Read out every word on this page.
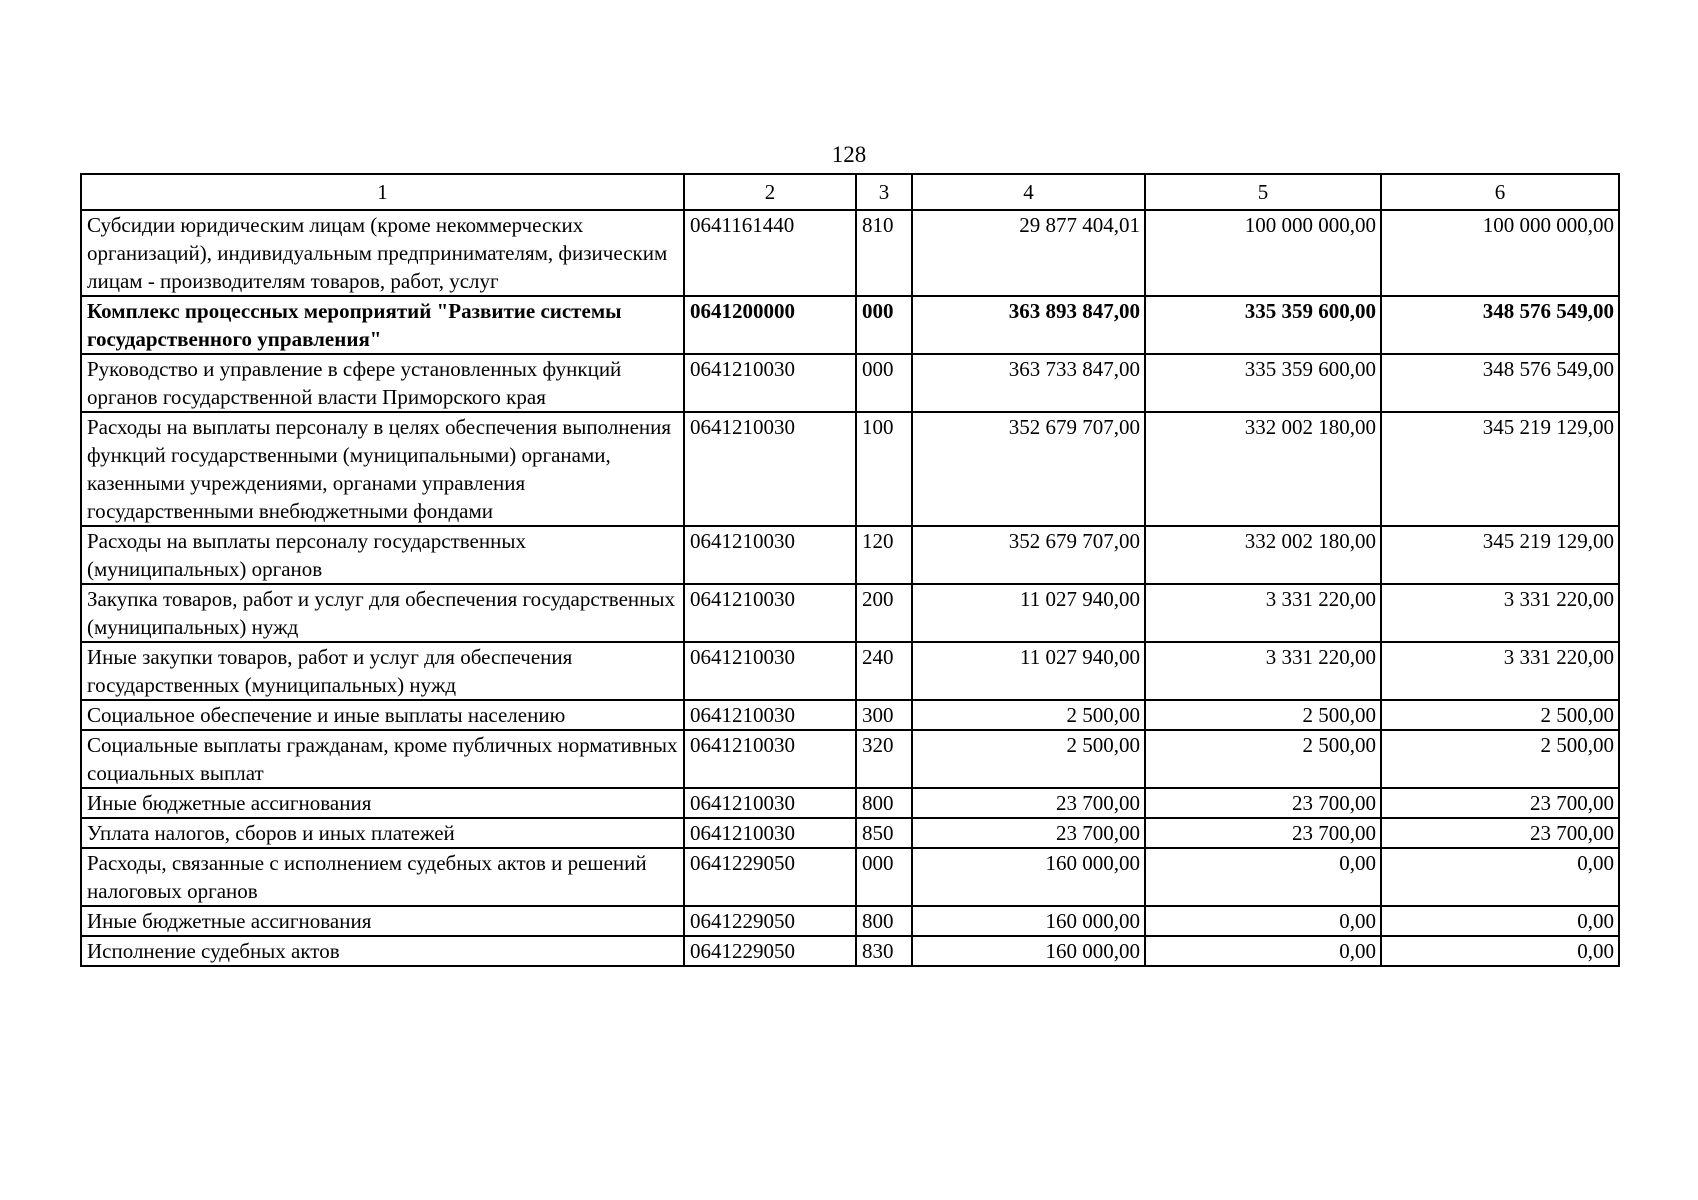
128
1	2	3	4	5	6
Субсидии юридическим лицам (кроме некоммерческих организаций), индивидуальным предпринимателям, физическим лицам - производителям товаров, работ, услуг	0641161440	810	29 877 404,01	100 000 000,00	100 000 000,00
Комплекс процессных мероприятий "Развитие системы государственного управления"	0641200000	000	363 893 847,00	335 359 600,00	348 576 549,00
Руководство и управление в сфере установленных функций органов государственной власти Приморского края	0641210030	000	363 733 847,00	335 359 600,00	348 576 549,00
Расходы на выплаты персоналу в целях обеспечения выполнения функций государственными (муниципальными) органами, казенными учреждениями, органами управления государственными внебюджетными фондами	0641210030	100	352 679 707,00	332 002 180,00	345 219 129,00
Расходы на выплаты персоналу государственных (муниципальных) органов	0641210030	120	352 679 707,00	332 002 180,00	345 219 129,00
Закупка товаров, работ и услуг для обеспечения государственных (муниципальных) нужд	0641210030	200	11 027 940,00	3 331 220,00	3 331 220,00
Иные закупки товаров, работ и услуг для обеспечения государственных (муниципальных) нужд	0641210030	240	11 027 940,00	3 331 220,00	3 331 220,00
Социальное обеспечение и иные выплаты населению	0641210030	300	2 500,00	2 500,00	2 500,00
Социальные выплаты гражданам, кроме публичных нормативных социальных выплат	0641210030	320	2 500,00	2 500,00	2 500,00
Иные бюджетные ассигнования	0641210030	800	23 700,00	23 700,00	23 700,00
Уплата налогов, сборов и иных платежей	0641210030	850	23 700,00	23 700,00	23 700,00
Расходы, связанные с исполнением судебных актов и решений налоговых органов	0641229050	000	160 000,00	0,00	0,00
Иные бюджетные ассигнования	0641229050	800	160 000,00	0,00	0,00
Исполнение судебных актов	0641229050	830	160 000,00	0,00	0,00
